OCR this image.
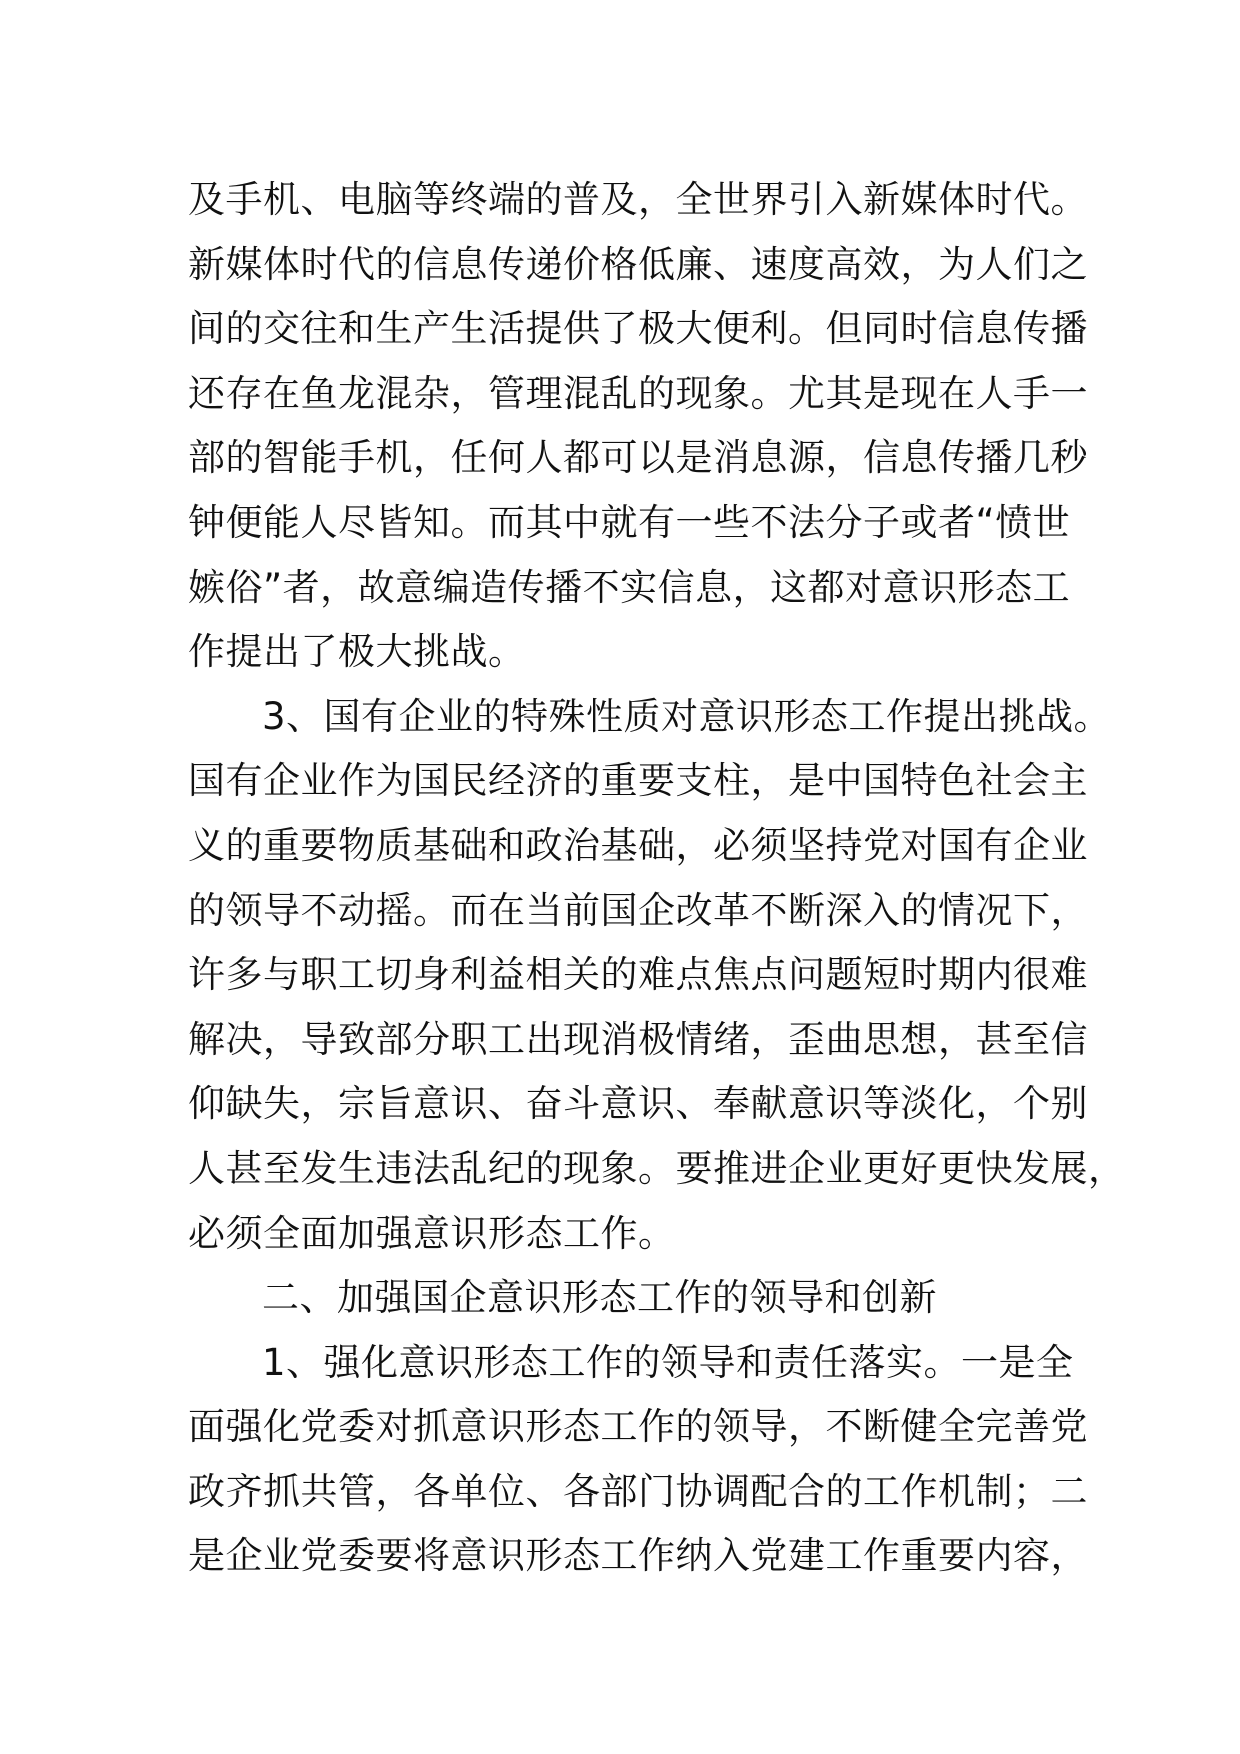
及手机、电脑等终端的普及，全世界引入新媒体时代。

新媒体时代的信息传递价格低廉、速度高效，为人们之

间的交往和生产生活提供了极大便利。但同时信息传播

还存在鱼龙混杂，管理混乱的现象。尤其是现在人手一

部的智能手机，任何人都可以是消息源，信息传播几秒

钟便能人尽皆知。而其中就有一些不法分子或者“愤世

嫉俗”者，故意编造传播不实信息，这都对意识形态工

作提出了极大挑战。

3、国有企业的特殊性质对意识形态工作提出挑战。

国有企业作为国民经济的重要支柱，是中国特色社会主

义的重要物质基础和政治基础，必须坚持党对国有企业

的领导不动摇。而在当前国企改革不断深入的情况下，

许多与职工切身利益相关的难点焦点问题短时期内很难

解决，导致部分职工出现消极情绪，歪曲思想，甚至信

仰缺失，宗旨意识、奋斗意识、奉献意识等淡化，个别

人甚至发生违法乱纪的现象。要推进企业更好更快发展，

必须全面加强意识形态工作。

二、加强国企意识形态工作的领导和创新

1、强化意识形态工作的领导和责任落实。一是全

面强化党委对抓意识形态工作的领导，不断健全完善党

政齐抓共管，各单位、各部门协调配合的工作机制；二

是企业党委要将意识形态工作纳入党建工作重要内容，
